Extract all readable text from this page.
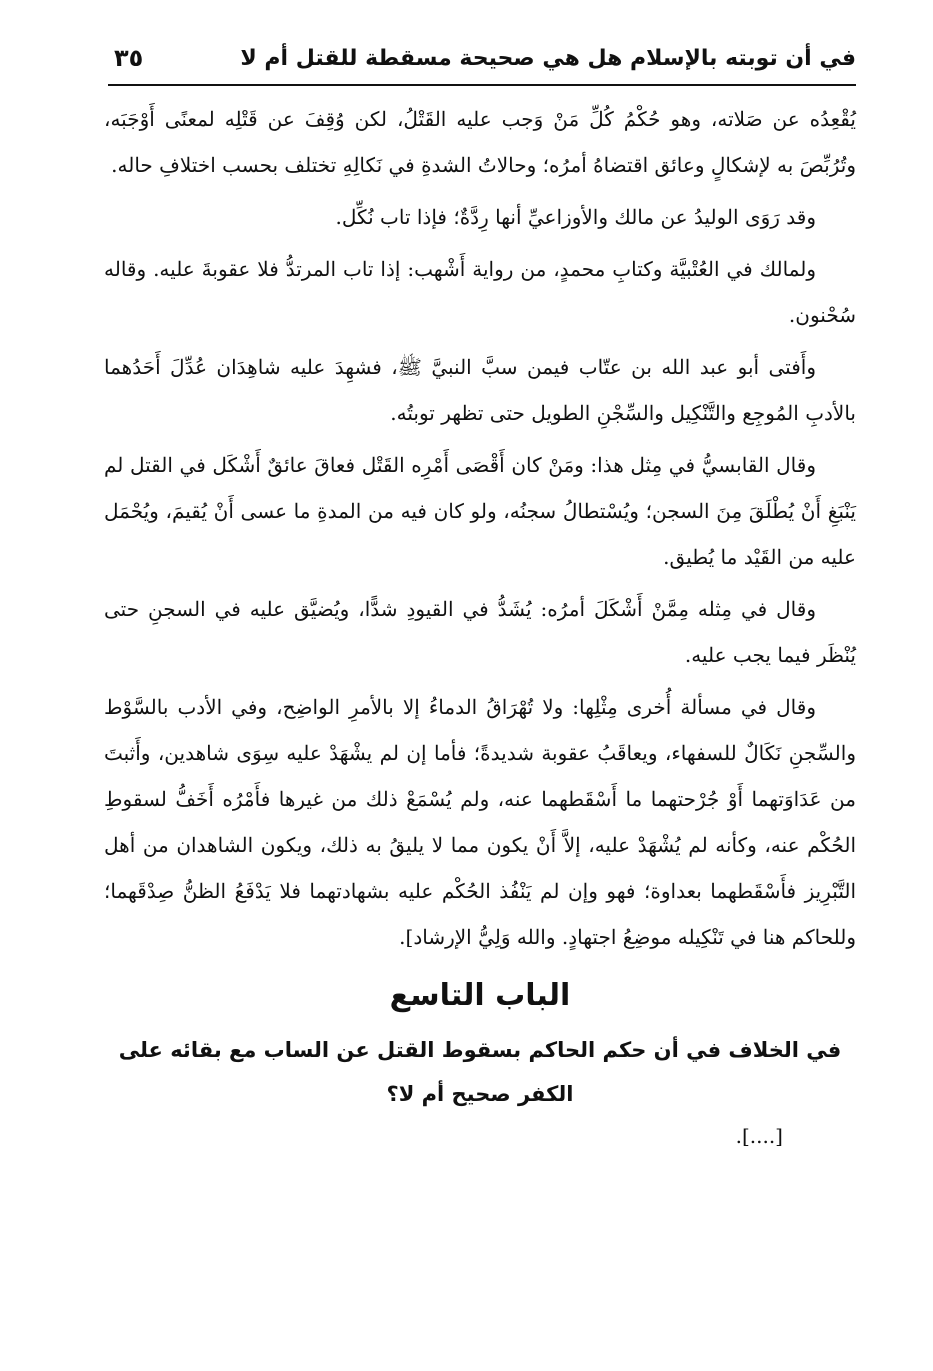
في أن توبته بالإسلام هل هي صحيحة مسقطة للقتل أم لا
٣٥

يُقْعِدُه عن صَلاته، وهو حُكْمُ كُلِّ مَنْ وَجب عليه القَتْلُ، لكن وُقِفَ عن قَتْلِه لمعنًى أَوْجَبَه، وتُرُبِّصَ به لإشكالٍ وعائق اقتضاهُ أمرُه؛ وحالاتُ الشدةِ في نَكالِهِ تختلف بحسب اختلافِ حاله.

وقد رَوَى الوليدُ عن مالك والأوزاعيِّ أنها رِدَّةٌ؛ فإذا تاب نُكِّل.

ولمالك في العُتْبيَّة وكتابِ محمدٍ، من رواية أَشْهب: إذا تاب المرتدُّ فلا عقوبةَ عليه. وقاله سُحْنون.

وأَفتى أبو عبد الله بن عتّاب فيمن سبَّ النبيَّ ﷺ، فشهِدَ عليه شاهِدَان عُدِّلَ أَحَدُهما بالأدبِ المُوجِع والتَّنْكِيل والسِّجْنِ الطويل حتى تظهر توبتُه.

وقال القابسيُّ في مِثل هذا: ومَنْ كان أَقْصَى أَمْرِه القَتْل فعاقَ عائقٌ أَشْكَل في القتل لم يَنْبَغِ أَنْ يُطْلَقَ مِنَ السجن؛ ويُسْتطالُ سجنُه، ولو كان فيه من المدةِ ما عسى أَنْ يُقيمَ، ويُحْمَل عليه من القَيْد ما يُطيق.

وقال في مِثله مِمَّنْ أَشْكَلَ أمرُه: يُشَدُّ في القيودِ شدًّا، ويُضيَّق عليه في السجنِ حتى يُنْظَر فيما يجب عليه.

وقال في مسألة أُخرى مِثْلِها: ولا تُهْرَاقُ الدماءُ إلا بالأمرِ الواضِح، وفي الأدب بالسَّوْط والسِّجنِ نَكَالٌ للسفهاء، ويعاقَبُ عقوبة شديدةً؛ فأما إن لم يشْهَدْ عليه سِوَى شاهدين، وأَثبتَ من عَدَاوَتهما أَوْ جُرْحتهما ما أَسْقَطهما عنه، ولم يُسْمَعْ ذلك من غيرها فأَمْرُه أَخَفُّ لسقوطِ الحُكْم عنه، وكأنه لم يُشْهَدْ عليه، إلاَّ أَنْ يكون مما لا يليقُ به ذلك، ويكون الشاهدان من أهل التَّبْرِيز فأَسْقَطهما بعداوة؛ فهو وإن لم يَنْفُذ الحُكْم عليه بشهادتهما فلا يَدْفَعُ الظنُّ صِدْقَهما؛ وللحاكم هنا في تَنْكِيله موضِعُ اجتهادٍ. والله وَلِيُّ الإرشاد].

الباب التاسع
في الخلاف في أن حكم الحاكم بسقوط القتل عن الساب مع بقائه على الكفر صحيح أم لا؟
[....].
